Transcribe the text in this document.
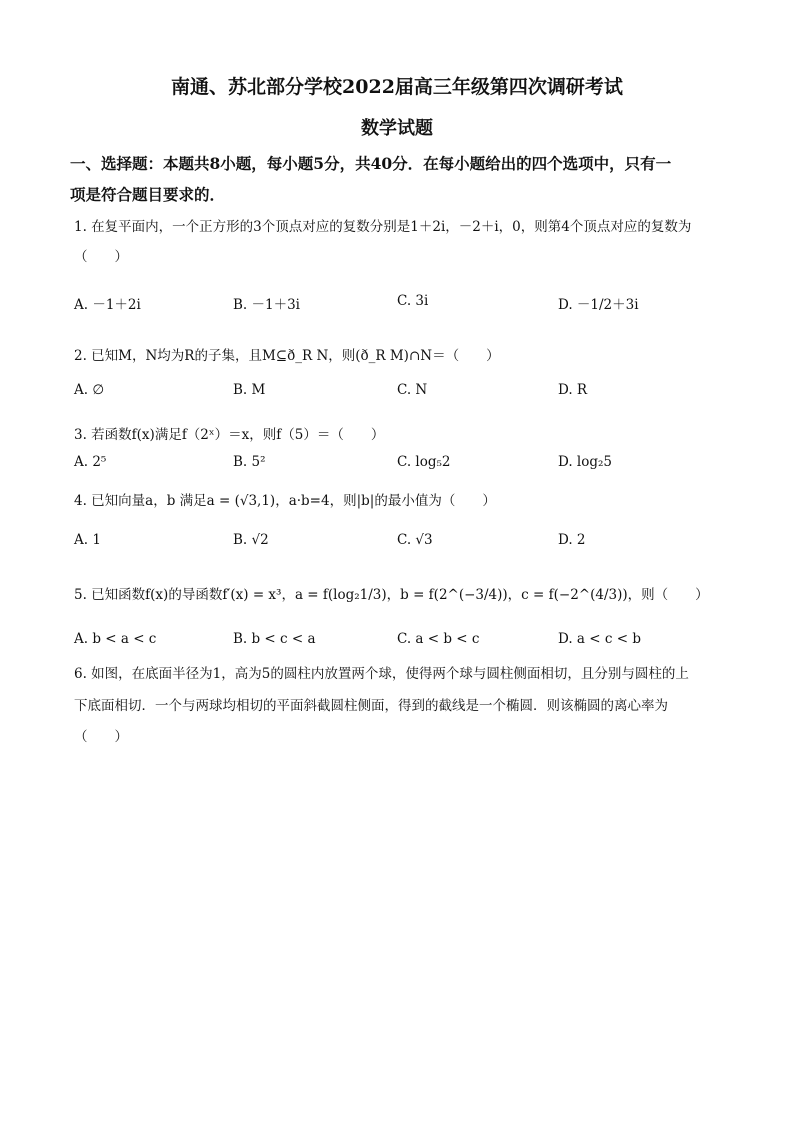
南通、苏北部分学校2022届高三年级第四次调研考试
数学试题
一、选择题：本题共8小题，每小题5分，共40分．在每小题给出的四个选项中，只有一
项是符合题目要求的．
1. 在复平面内，一个正方形的3个顶点对应的复数分别是1＋2i，－2＋i，0，则第4个顶点对应的复数为
（　　）
A. －1＋2i	B. －1＋3i	C. 3i	D. －1/2＋3i
2. 已知M，N均为R的子集，且M⊆ð_R N，则(ð_R M)∩N＝（　　）
A. ∅	B. M	C. N	D. R
3. 若函数f(x)满足f（2ˣ）＝x，则f（5）＝（　　）
A. 2⁵	B. 5²	C. log₅2	D. log₂5
4. 已知向量a，b 满足a = (√3,1)，a·b=4，则|b|的最小值为（　　）
A. 1	B. √2	C. √3	D. 2
5. 已知函数f(x)的导函数f′(x) = x³，a = f(log₂1/3)，b = f(2^(−3/4))，c = f(−2^(4/3))，则（　　）
A. b < a < c	B. b < c < a	C. a < b < c	D. a < c < b
6. 如图，在底面半径为1，高为5的圆柱内放置两个球，使得两个球与圆柱侧面相切，且分别与圆柱的上
下底面相切．一个与两球均相切的平面斜截圆柱侧面，得到的截线是一个椭圆．则该椭圆的离心率为
（　　）
